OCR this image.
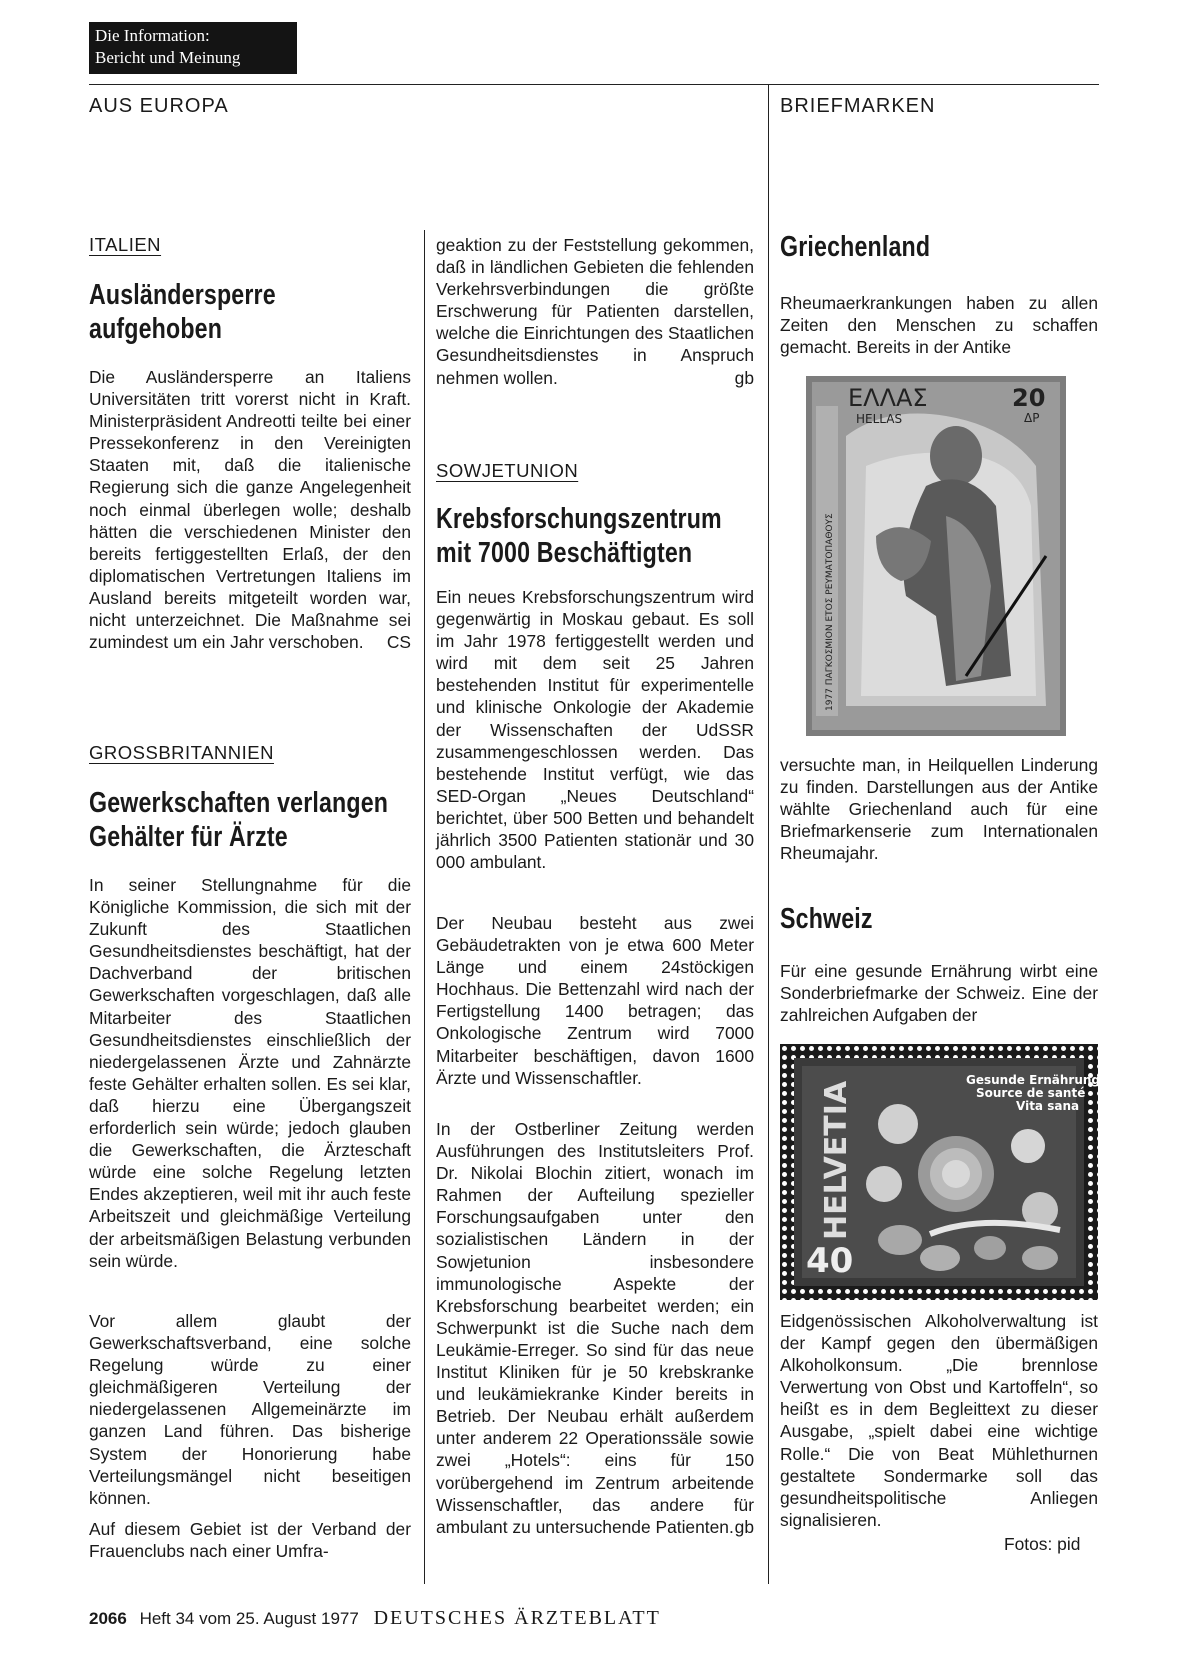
Die Information:
Bericht und Meinung
AUS EUROPA	BRIEFMARKEN
ITALIEN
Ausländersperre
aufgehoben
Die Ausländersperre an Italiens Universitäten tritt vorerst nicht in Kraft. Ministerpräsident Andreotti teilte bei einer Pressekonferenz in den Vereinigten Staaten mit, daß die italienische Regierung sich die ganze Angelegenheit noch einmal überlegen wolle; deshalb hätten die verschiedenen Minister den bereits fertiggestellten Erlaß, der den diplomatischen Vertretungen Italiens im Ausland bereits mitgeteilt worden war, nicht unterzeichnet. Die Maßnahme sei zumindest um ein Jahr verschoben. CS
GROSSBRITANNIEN
Gewerkschaften verlangen
Gehälter für Ärzte
In seiner Stellungnahme für die Königliche Kommission, die sich mit der Zukunft des Staatlichen Gesundheitsdienstes beschäftigt, hat der Dachverband der britischen Gewerkschaften vorgeschlagen, daß alle Mitarbeiter des Staatlichen Gesundheitsdienstes einschließlich der niedergelassenen Ärzte und Zahnärzte feste Gehälter erhalten sollen. Es sei klar, daß hierzu eine Übergangszeit erforderlich sein würde; jedoch glauben die Gewerkschaften, die Ärzteschaft würde eine solche Regelung letzten Endes akzeptieren, weil mit ihr auch feste Arbeitszeit und gleichmäßige Verteilung der arbeitsmäßigen Belastung verbunden sein würde.
Vor allem glaubt der Gewerkschaftsverband, eine solche Regelung würde zu einer gleichmäßigeren Verteilung der niedergelassenen Allgemeinärzte im ganzen Land führen. Das bisherige System der Honorierung habe Verteilungsmängel nicht beseitigen können.
Auf diesem Gebiet ist der Verband der Frauenclubs nach einer Umfra-
geaktion zu der Feststellung gekommen, daß in ländlichen Gebieten die fehlenden Verkehrsverbindungen die größte Erschwerung für Patienten darstellen, welche die Einrichtungen des Staatlichen Gesundheitsdienstes in Anspruch nehmen wollen.	gb
SOWJETUNION
Krebsforschungszentrum
mit 7000 Beschäftigten
Ein neues Krebsforschungszentrum wird gegenwärtig in Moskau gebaut. Es soll im Jahr 1978 fertiggestellt werden und wird mit dem seit 25 Jahren bestehenden Institut für experimentelle und klinische Onkologie der Akademie der Wissenschaften der UdSSR zusammengeschlossen werden. Das bestehende Institut verfügt, wie das SED-Organ „Neues Deutschland“ berichtet, über 500 Betten und behandelt jährlich 3500 Patienten stationär und 30 000 ambulant.
Der Neubau besteht aus zwei Gebäudetrakten von je etwa 600 Meter Länge und einem 24stöckigen Hochhaus. Die Bettenzahl wird nach der Fertigstellung 1400 betragen; das Onkologische Zentrum wird 7000 Mitarbeiter beschäftigen, davon 1600 Ärzte und Wissenschaftler.
In der Ostberliner Zeitung werden Ausführungen des Institutsleiters Prof. Dr. Nikolai Blochin zitiert, wonach im Rahmen der Aufteilung spezieller Forschungsaufgaben unter den sozialistischen Ländern in der Sowjetunion insbesondere immunologische Aspekte der Krebsforschung bearbeitet werden; ein Schwerpunkt ist die Suche nach dem Leukämie-Erreger. So sind für das neue Institut Kliniken für je 50 krebskranke und leukämiekranke Kinder bereits in Betrieb. Der Neubau erhält außerdem unter anderem 22 Operationssäle sowie zwei „Hotels“: eins für 150 vorübergehend im Zentrum arbeitende Wissenschaftler, das andere für ambulant zu untersuchende Patienten. gb
Griechenland
Rheumaerkrankungen haben zu allen Zeiten den Menschen zu schaffen gemacht. Bereits in der Antike
1977 ΠΑΓΚΟΣΜΙΟΝ ΕΤΟΣ ΡΕΥΜΑΤΟΠΑΘΟΥΣ
ΕΛΛΑΣ
HELLAS
20
ΔΡ
versuchte man, in Heilquellen Linderung zu finden. Darstellungen aus der Antike wählte Griechenland auch für eine Briefmarkenserie zum Internationalen Rheumajahr.
Schweiz
Für eine gesunde Ernährung wirbt eine Sonderbriefmarke der Schweiz. Eine der zahlreichen Aufgaben der
Gesunde Ernährung
Source de santé
Vita sana
HELVETIA
40
Eidgenössischen Alkoholverwaltung ist der Kampf gegen den übermäßigen Alkoholkonsum. „Die brennlose Verwertung von Obst und Kartoffeln“, so heißt es in dem Begleittext zu dieser Ausgabe, „spielt dabei eine wichtige Rolle.“ Die von Beat Mühlethurnen gestaltete Sondermarke soll das gesundheitspolitische Anliegen signalisieren.
Fotos: pid
2066 Heft 34 vom 25. August 1977 DEUTSCHES ÄRZTEBLATT
